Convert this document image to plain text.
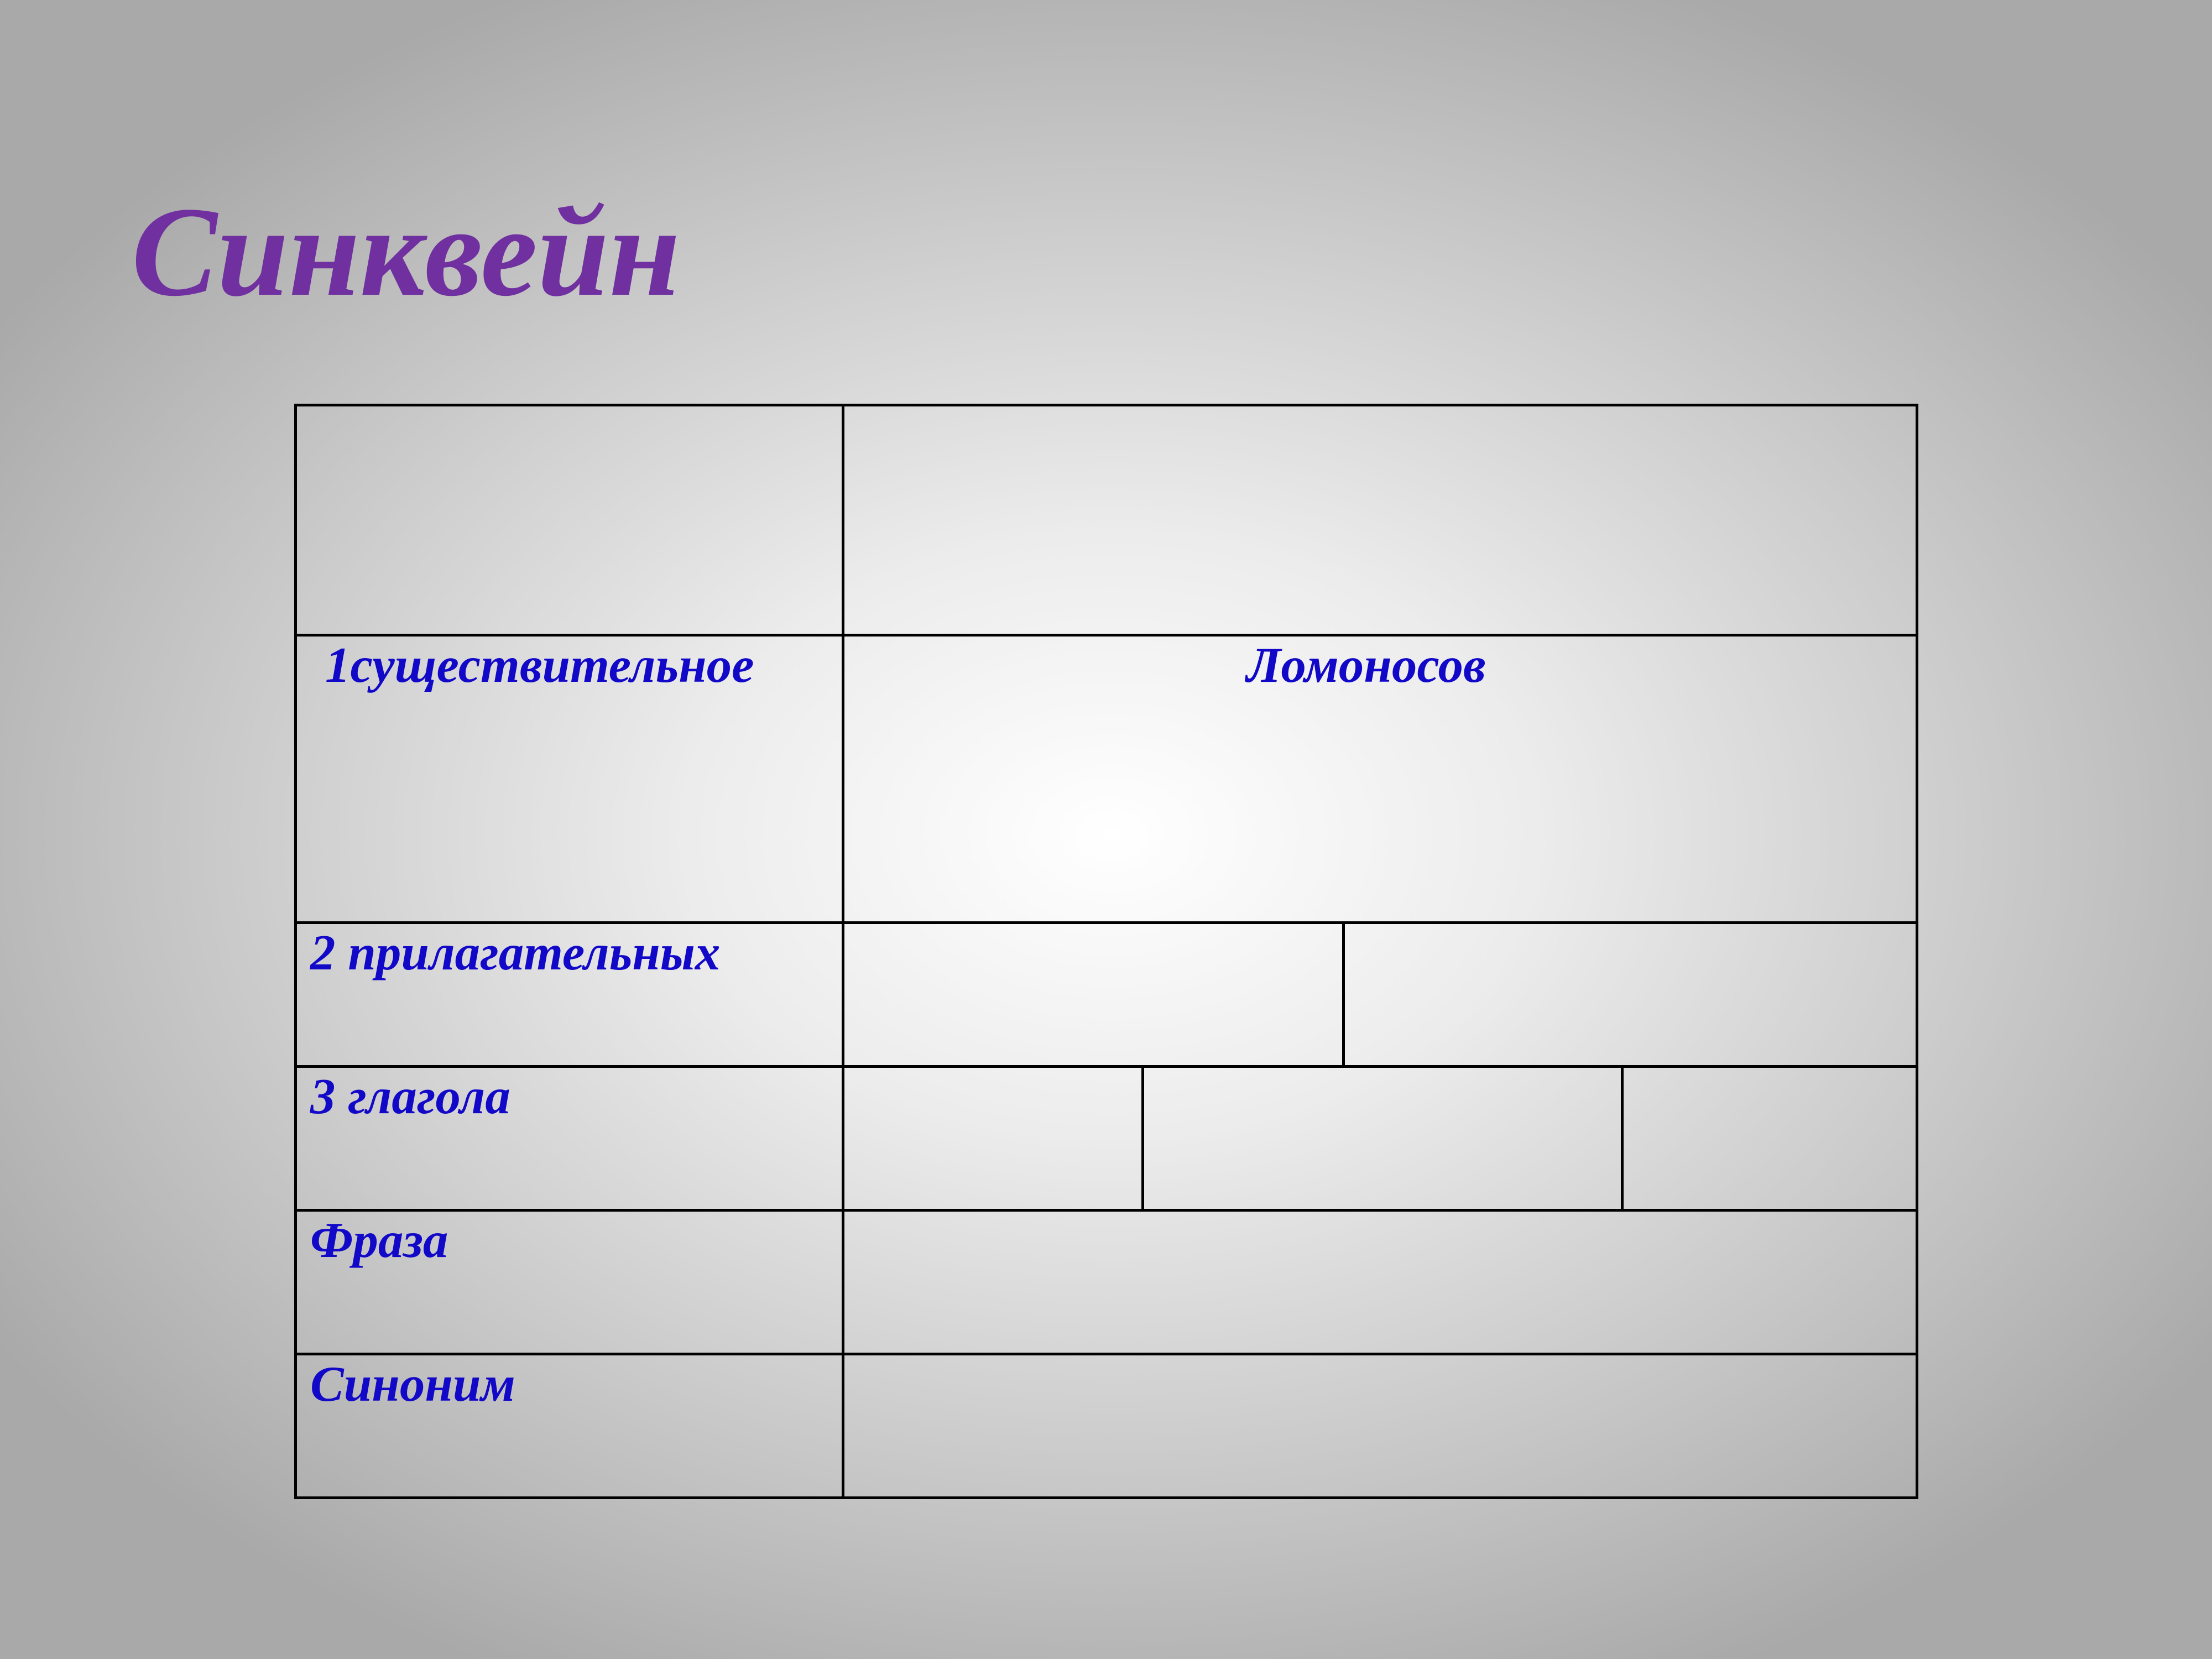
Синквейн

1существительное	Ломоносов

2 прилагательных

3 глагола

Фраза

Синоним
